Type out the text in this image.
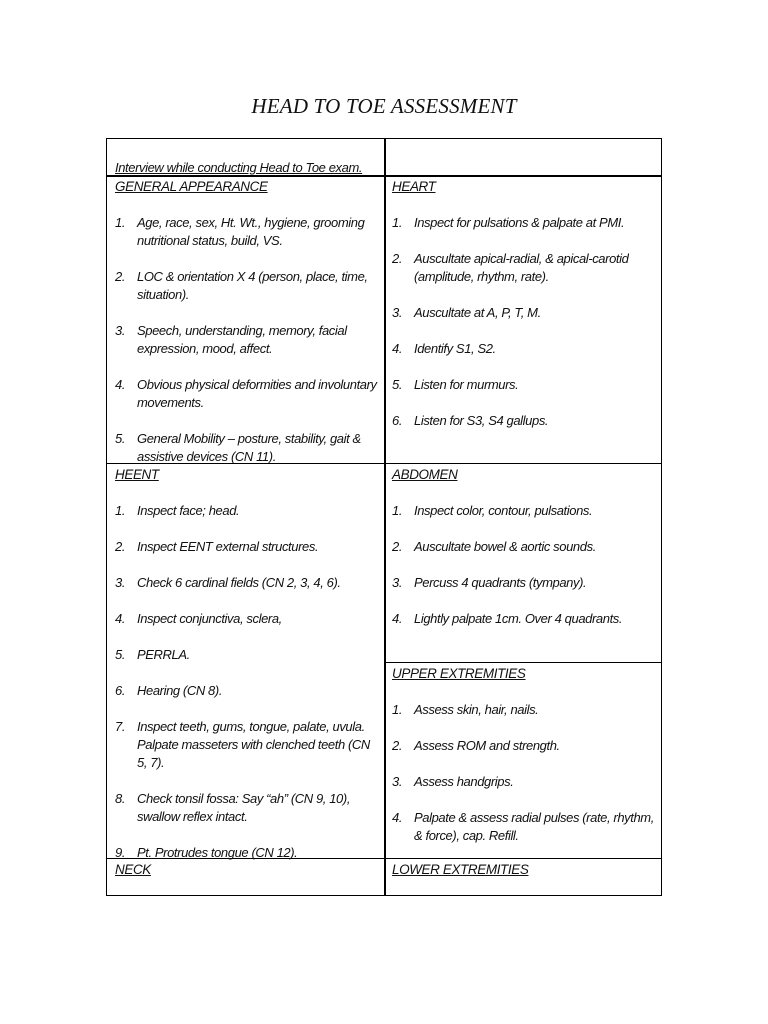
HEAD TO TOE ASSESSMENT
Interview while conducting Head to Toe exam.
GENERAL APPEARANCE
1. Age, race, sex, Ht. Wt., hygiene, grooming nutritional status, build, VS.
2. LOC & orientation X 4 (person, place, time, situation).
3. Speech, understanding, memory, facial expression, mood, affect.
4. Obvious physical deformities and involuntary movements.
5. General Mobility – posture, stability, gait & assistive devices (CN 11).
HEART
1. Inspect for pulsations & palpate at PMI.
2. Auscultate apical-radial, & apical-carotid (amplitude, rhythm, rate).
3. Auscultate at A, P, T, M.
4. Identify S1, S2.
5. Listen for murmurs.
6. Listen for S3, S4 gallups.
HEENT
1. Inspect face; head.
2. Inspect EENT external structures.
3. Check 6 cardinal fields (CN 2, 3, 4, 6).
4. Inspect conjunctiva, sclera,
5. PERRLA.
6. Hearing (CN 8).
7. Inspect teeth, gums, tongue, palate, uvula. Palpate masseters with clenched teeth (CN 5, 7).
8. Check tonsil fossa: Say “ah” (CN 9, 10), swallow reflex intact.
9. Pt. Protrudes tongue (CN 12).
ABDOMEN
1. Inspect color, contour, pulsations.
2. Auscultate bowel & aortic sounds.
3. Percuss 4 quadrants (tympany).
4. Lightly palpate 1cm. Over 4 quadrants.
UPPER EXTREMITIES
1. Assess skin, hair, nails.
2. Assess ROM and strength.
3. Assess handgrips.
4. Palpate & assess radial pulses (rate, rhythm, & force), cap. Refill.
NECK	LOWER EXTREMITIES
